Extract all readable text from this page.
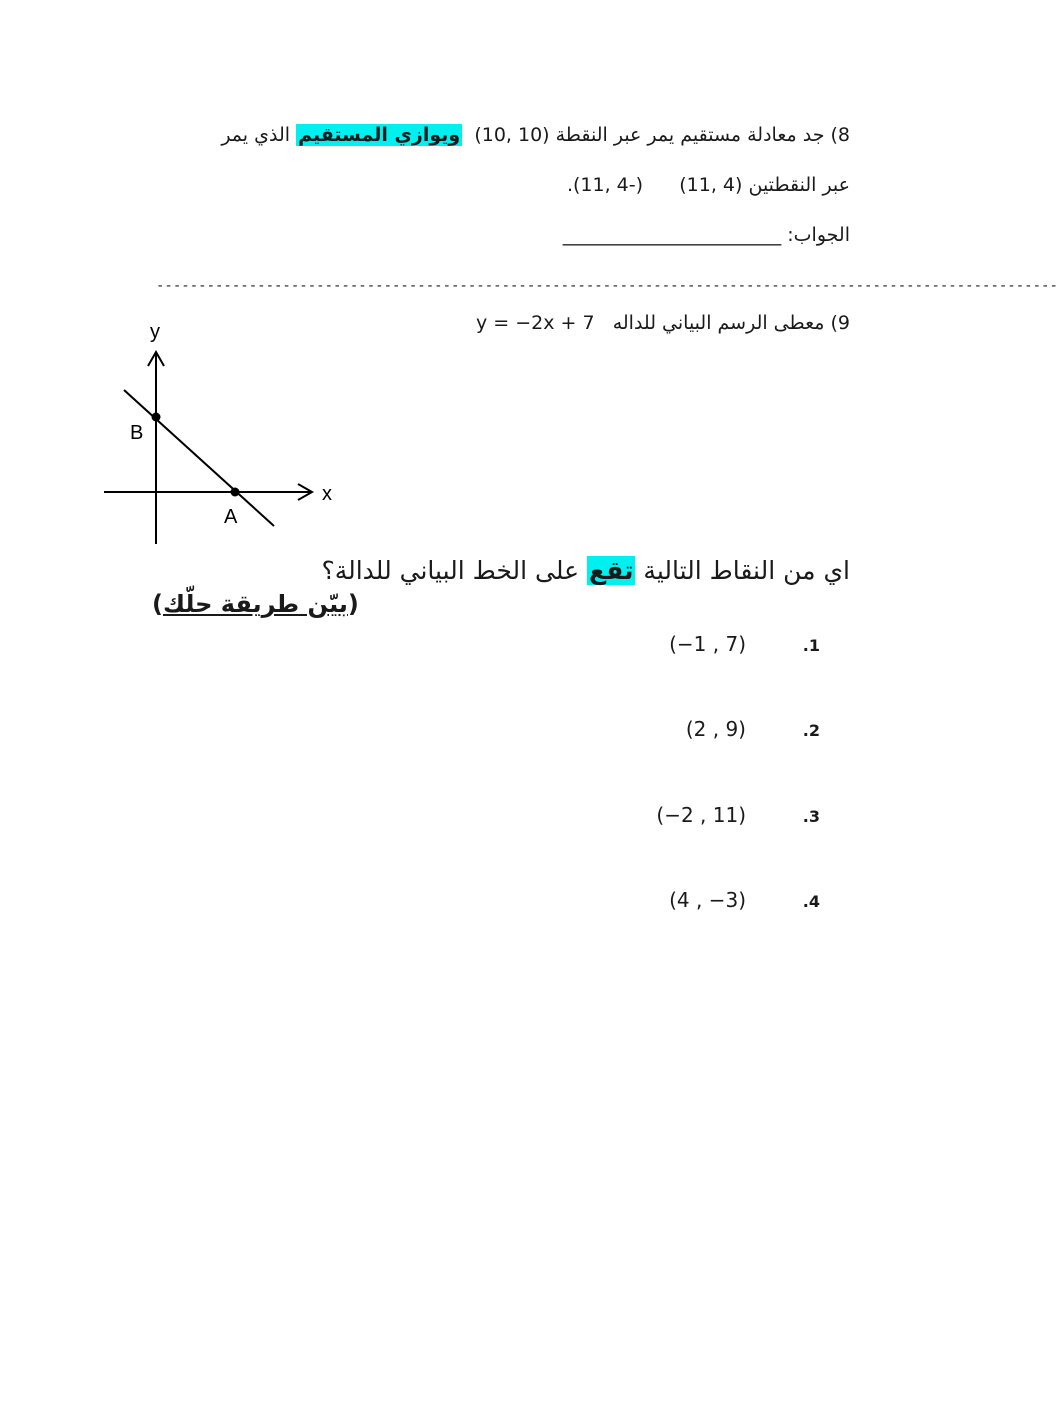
8) جد معادلة مستقيم يمر عبر النقطة (10, 10)  ويوازي المستقيم الذي يمر
عبر النقطتين (11, 4)      (11, 4-).
الجواب: _______________________
-----------------------------------------------------------------------------------------------------------
9) معطى الرسم البياني للداله   y = −2x + 7
y
x
B
A
اي من النقاط التالية تقع على الخط البياني للدالة؟
(بيّن طريقة حلّك)
1.
(−1 , 7)
2.
(2 , 9)
3.
(−2 , 11)
4.
(4 , −3)
